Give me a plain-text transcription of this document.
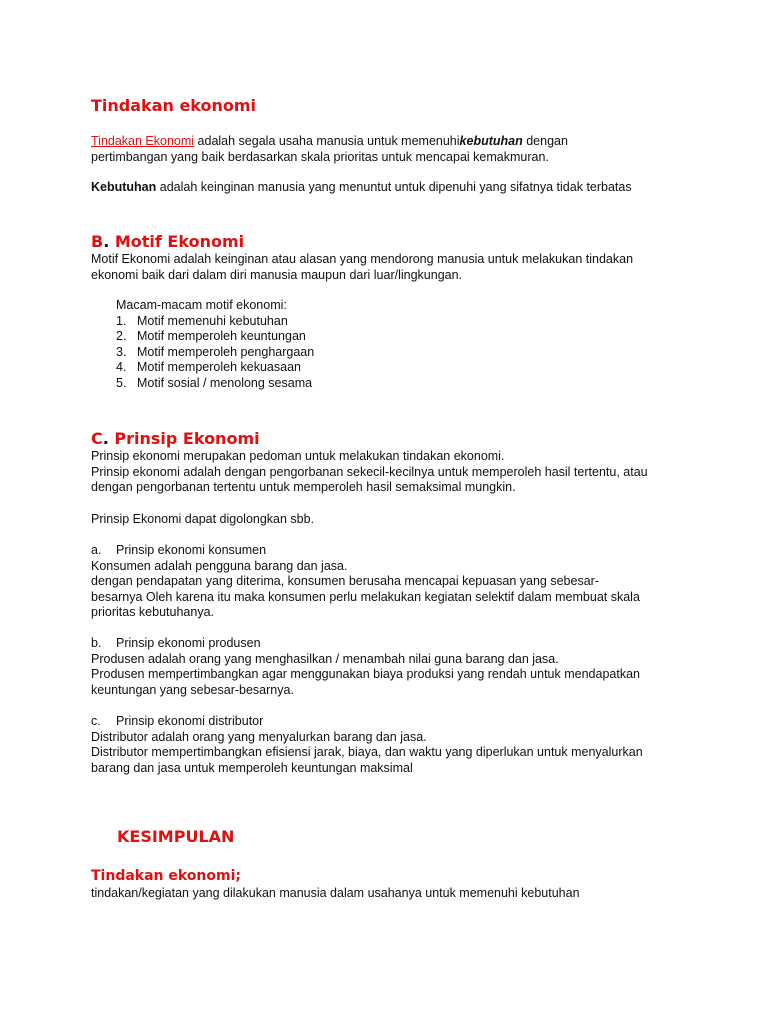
Tindakan ekonomi

Tindakan Ekonomi adalah segala usaha manusia untuk memenuhikebutuhan dengan

pertimbangan yang baik berdasarkan skala prioritas untuk mencapai kemakmuran.

Kebutuhan adalah keinginan manusia yang menuntut untuk dipenuhi yang sifatnya tidak terbatas

B. Motif Ekonomi

Motif Ekonomi adalah keinginan atau alasan yang mendorong manusia untuk melakukan tindakan

ekonomi baik dari dalam diri manusia maupun dari luar/lingkungan.

Macam-macam motif ekonomi:
1. Motif memenuhi kebutuhan
2. Motif memperoleh keuntungan
3. Motif memperoleh penghargaan
4. Motif memperoleh kekuasaan
5. Motif sosial / menolong sesama
C. Prinsip Ekonomi

Prinsip ekonomi merupakan pedoman untuk melakukan tindakan ekonomi.

Prinsip ekonomi adalah dengan pengorbanan sekecil-kecilnya untuk memperoleh hasil tertentu, atau

dengan pengorbanan tertentu untuk memperoleh hasil semaksimal mungkin.

Prinsip Ekonomi dapat digolongkan sbb.

a. Prinsip ekonomi konsumen

Konsumen adalah pengguna barang dan jasa.

dengan pendapatan yang diterima, konsumen berusaha mencapai kepuasan yang sebesar-

besarnya Oleh karena itu maka konsumen perlu melakukan kegiatan selektif dalam membuat skala

prioritas kebutuhanya.

b. Prinsip ekonomi produsen

Produsen adalah orang yang menghasilkan / menambah nilai guna barang dan jasa.

Produsen mempertimbangkan agar menggunakan biaya produksi yang rendah untuk mendapatkan

keuntungan yang sebesar-besarnya.

c. Prinsip ekonomi distributor

Distributor adalah orang yang menyalurkan barang dan jasa.

Distributor mempertimbangkan efisiensi jarak, biaya, dan waktu yang diperlukan untuk menyalurkan

barang dan jasa untuk memperoleh keuntungan maksimal

KESIMPULAN
Tindakan ekonomi;

tindakan/kegiatan yang dilakukan manusia dalam usahanya untuk memenuhi kebutuhan
